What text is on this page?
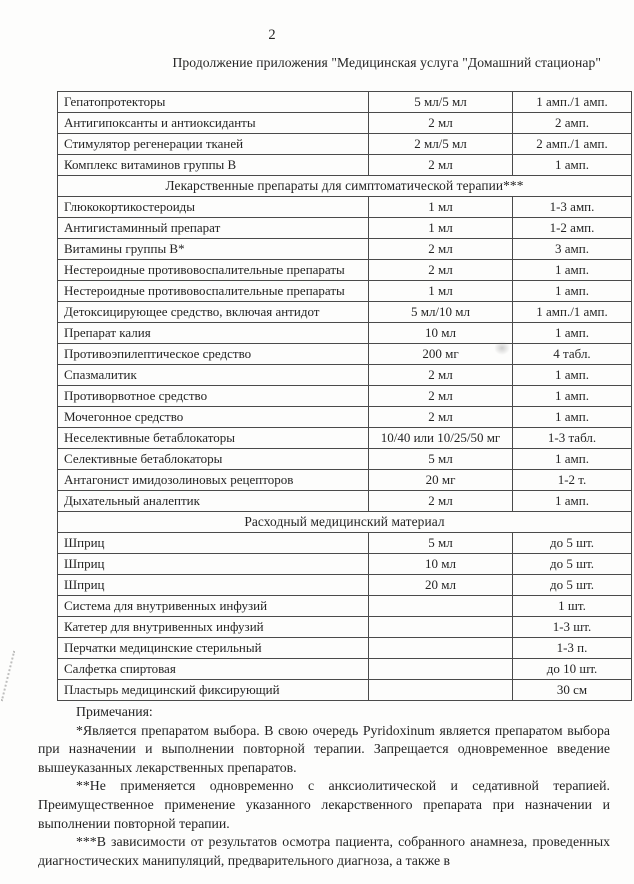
2
Продолжение приложения "Медицинская услуга "Домашний стационар"
Гепатопротекторы	5 мл/5 мл	1 амп./1 амп.
Антигипоксанты и антиоксиданты	2 мл	2 амп.
Стимулятор регенерации тканей	2 мл/5 мл	2 амп./1 амп.
Комплекс витаминов группы В	2 мл	1 амп.
Лекарственные препараты для симптоматической терапии***		
Глюкокортикостероиды	1 мл	1-3 амп.
Антигистаминный препарат	1 мл	1-2 амп.
Витамины группы В*	2 мл	3 амп.
Нестероидные противовоспалительные препараты	2 мл	1 амп.
Нестероидные противовоспалительные препараты	1 мл	1 амп.
Детоксицирующее средство, включая антидот	5 мл/10 мл	1 амп./1 амп.
Препарат калия	10 мл	1 амп.
Противоэпилептическое средство	200 мг	4 табл.
Спазмалитик	2 мл	1 амп.
Противорвотное средство	2 мл	1 амп.
Мочегонное средство	2 мл	1 амп.
Неселективные бетаблокаторы	10/40 или 10/25/50 мг	1-3 табл.
Селективные бетаблокаторы	5 мл	1 амп.
Антагонист имидозолиновых рецепторов	20 мг	1-2 т.
Дыхательный аналептик	2 мл	1 амп.
Расходный медицинский материал		
Шприц	5 мл	до 5 шт.
Шприц	10 мл	до 5 шт.
Шприц	20 мл	до 5 шт.
Система для внутривенных инфузий		1 шт.
Катетер для внутривенных инфузий		1-3 шт.
Перчатки медицинские стерильный		1-3 п.
Салфетка спиртовая		до 10 шт.
Пластырь медицинский фиксирующий		30 см

Примечания:

*Является препаратом выбора. В свою очередь Pyridoxinum является препаратом выбора при назначении и выполнении повторной терапии. Запрещается одновременное введение вышеуказанных лекарственных препаратов.

**Не применяется одновременно с анксиолитической и седативной терапией. Преимущественное применение указанного лекарственного препарата при назначении и выполнении повторной терапии.

***В зависимости от результатов осмотра пациента, собранного анамнеза, проведенных диагностических манипуляций, предварительного диагноза, а также в
